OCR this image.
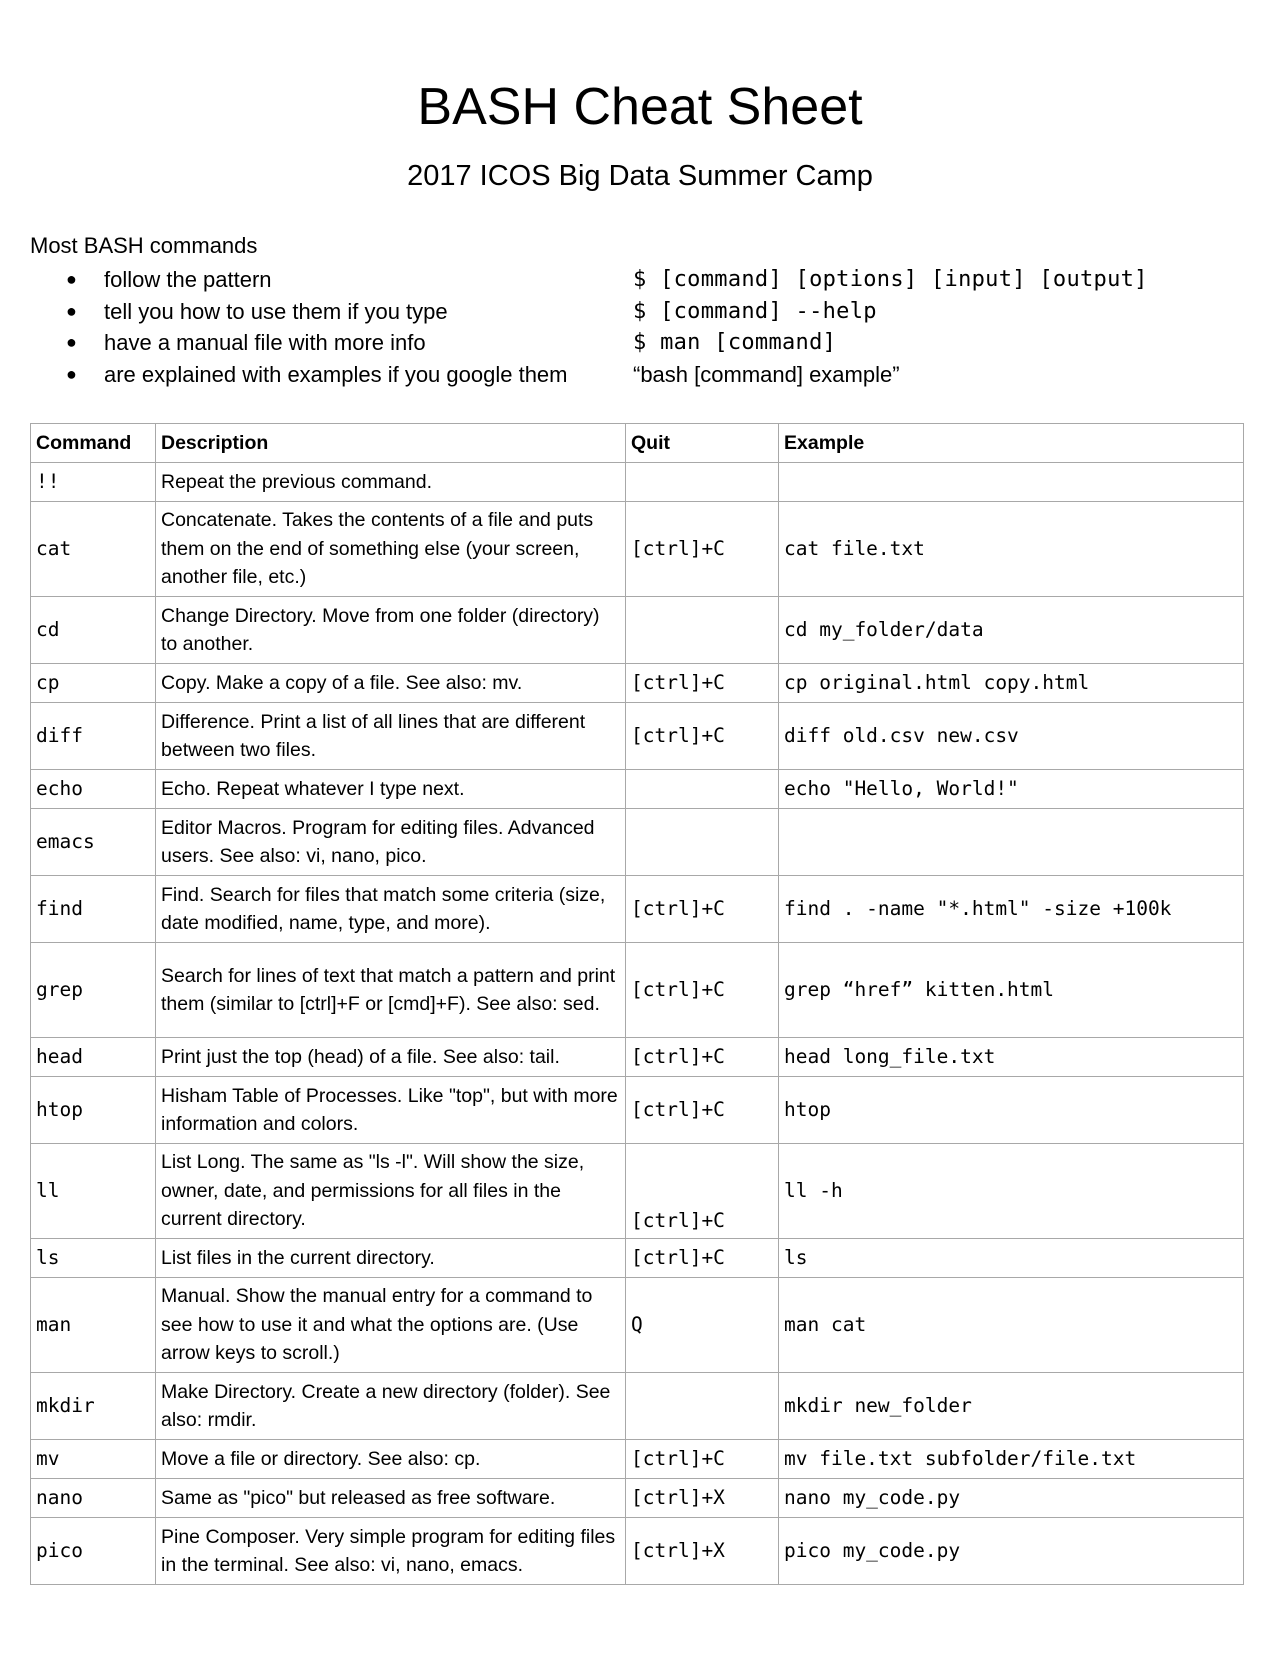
BASH Cheat Sheet
2017 ICOS Big Data Summer Camp
Most BASH commands
● follow the pattern	$ [command] [options] [input] [output]
● tell you how to use them if you type	$ [command] --help
● have a manual file with more info	$ man [command]
● are explained with examples if you google them	“bash [command] example”
Command	Description	Quit	Example
!!	Repeat the previous command.		
cat	Concatenate. Takes the contents of a file and puts them on the end of something else (your screen, another file, etc.)	[ctrl]+C	cat file.txt
cd	Change Directory. Move from one folder (directory) to another.		cd my_folder/data
cp	Copy. Make a copy of a file. See also: mv.	[ctrl]+C	cp original.html copy.html
diff	Difference. Print a list of all lines that are different between two files.	[ctrl]+C	diff old.csv new.csv
echo	Echo. Repeat whatever I type next.		echo "Hello, World!"
emacs	Editor Macros. Program for editing files. Advanced users. See also: vi, nano, pico.		
find	Find. Search for files that match some criteria (size, date modified, name, type, and more).	[ctrl]+C	find . -name "*.html" -size +100k
grep	Search for lines of text that match a pattern and print them (similar to [ctrl]+F or [cmd]+F). See also: sed.	[ctrl]+C	grep “href” kitten.html
head	Print just the top (head) of a file. See also: tail.	[ctrl]+C	head long_file.txt
htop	Hisham Table of Processes. Like "top", but with more information and colors.	[ctrl]+C	htop
ll	List Long. The same as "ls -l". Will show the size, owner, date, and permissions for all files in the current directory.	[ctrl]+C	ll -h
ls	List files in the current directory.	[ctrl]+C	ls
man	Manual. Show the manual entry for a command to see how to use it and what the options are. (Use arrow keys to scroll.)	Q	man cat
mkdir	Make Directory. Create a new directory (folder). See also: rmdir.		mkdir new_folder
mv	Move a file or directory. See also: cp.	[ctrl]+C	mv file.txt subfolder/file.txt
nano	Same as "pico" but released as free software.	[ctrl]+X	nano my_code.py
pico	Pine Composer. Very simple program for editing files in the terminal. See also: vi, nano, emacs.	[ctrl]+X	pico my_code.py
